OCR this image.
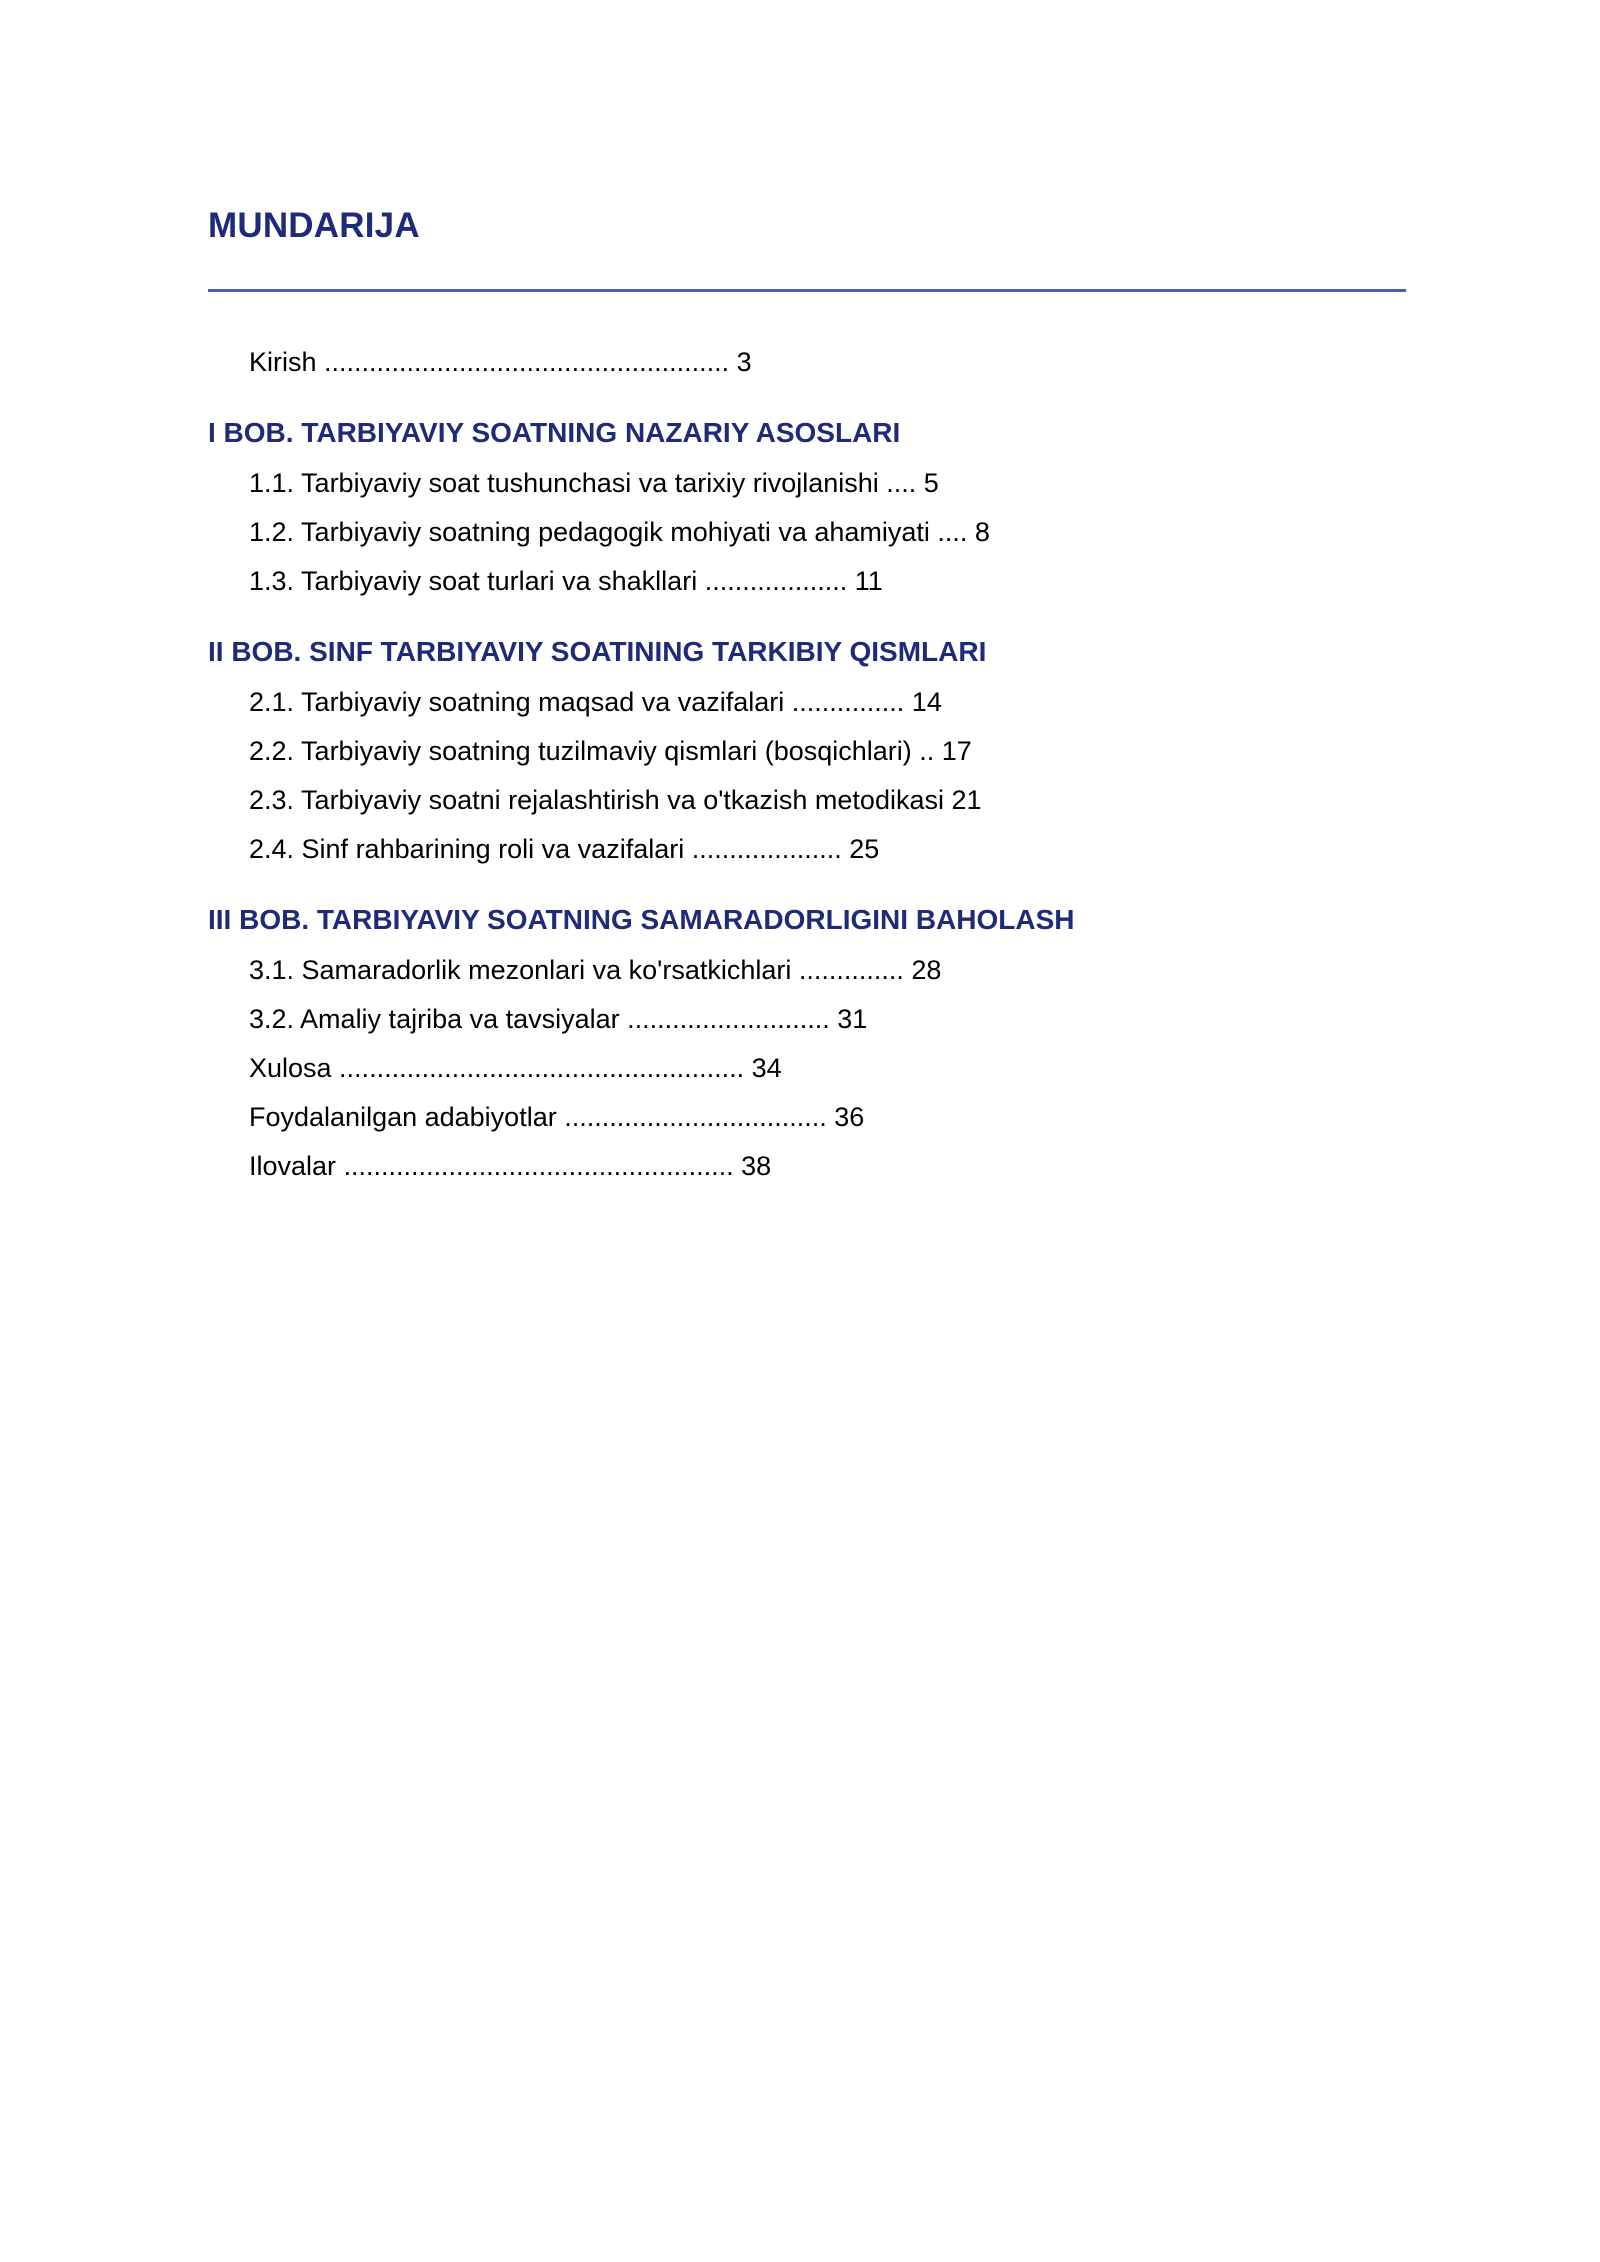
MUNDARIJA
Kirish ...................................................... 3
I BOB. TARBIYAVIY SOATNING NAZARIY ASOSLARI
1.1. Tarbiyaviy soat tushunchasi va tarixiy rivojlanishi .... 5
1.2. Tarbiyaviy soatning pedagogik mohiyati va ahamiyati .... 8
1.3. Tarbiyaviy soat turlari va shakllari ................... 11
II BOB. SINF TARBIYAVIY SOATINING TARKIBIY QISMLARI
2.1. Tarbiyaviy soatning maqsad va vazifalari ............... 14
2.2. Tarbiyaviy soatning tuzilmaviy qismlari (bosqichlari) .. 17
2.3. Tarbiyaviy soatni rejalashtirish va o'tkazish metodikasi 21
2.4. Sinf rahbarining roli va vazifalari .................... 25
III BOB. TARBIYAVIY SOATNING SAMARADORLIGINI BAHOLASH
3.1. Samaradorlik mezonlari va ko'rsatkichlari .............. 28
3.2. Amaliy tajriba va tavsiyalar ........................... 31
Xulosa ...................................................... 34
Foydalanilgan adabiyotlar ................................... 36
Ilovalar .................................................... 38
